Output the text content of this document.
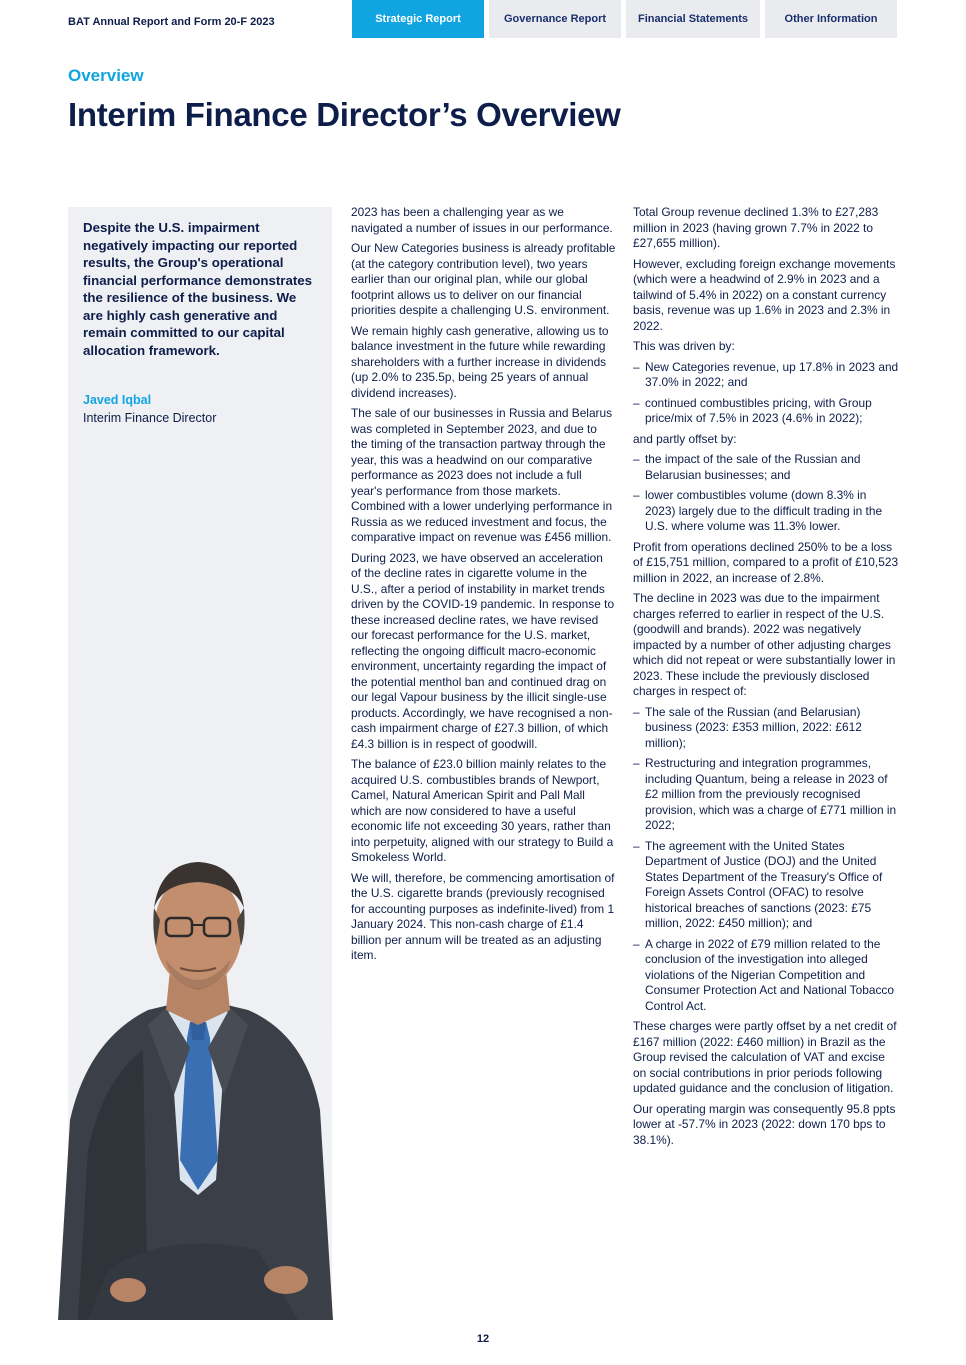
BAT Annual Report and Form 20-F 2023	Strategic Report	Governance Report	Financial Statements	Other Information
Overview
Interim Finance Director’s Overview
Despite the U.S. impairment negatively impacting our reported results, the Group's operational financial performance demonstrates the resilience of the business. We are highly cash generative and remain committed to our capital allocation framework.
Javed Iqbal
Interim Finance Director

2023 has been a challenging year as we navigated a number of issues in our performance.

Our New Categories business is already profitable (at the category contribution level), two years earlier than our original plan, while our global footprint allows us to deliver on our financial priorities despite a challenging U.S. environment.

We remain highly cash generative, allowing us to balance investment in the future while rewarding shareholders with a further increase in dividends (up 2.0% to 235.5p, being 25 years of annual dividend increases).

The sale of our businesses in Russia and Belarus was completed in September 2023, and due to the timing of the transaction partway through the year, this was a headwind on our comparative performance as 2023 does not include a full year's performance from those markets. Combined with a lower underlying performance in Russia as we reduced investment and focus, the comparative impact on revenue was £456 million.

During 2023, we have observed an acceleration of the decline rates in cigarette volume in the U.S., after a period of instability in market trends driven by the COVID-19 pandemic. In response to these increased decline rates, we have revised our forecast performance for the U.S. market, reflecting the ongoing difficult macro-economic environment, uncertainty regarding the impact of the potential menthol ban and continued drag on our legal Vapour business by the illicit single-use products. Accordingly, we have recognised a non-cash impairment charge of £27.3 billion, of which £4.3 billion is in respect of goodwill.

The balance of £23.0 billion mainly relates to the acquired U.S. combustibles brands of Newport, Camel, Natural American Spirit and Pall Mall which are now considered to have a useful economic life not exceeding 30 years, rather than into perpetuity, aligned with our strategy to Build a Smokeless World.

We will, therefore, be commencing amortisation of the U.S. cigarette brands (previously recognised for accounting purposes as indefinite-lived) from 1 January 2024. This non-cash charge of £1.4 billion per annum will be treated as an adjusting item.

Total Group revenue declined 1.3% to £27,283 million in 2023 (having grown 7.7% in 2022 to £27,655 million).

However, excluding foreign exchange movements (which were a headwind of 2.9% in 2023 and a tailwind of 5.4% in 2022) on a constant currency basis, revenue was up 1.6% in 2023 and 2.3% in 2022.

This was driven by:

– New Categories revenue, up 17.8% in 2023 and 37.0% in 2022; and
– continued combustibles pricing, with Group price/mix of 7.5% in 2023 (4.6% in 2022);

and partly offset by:

– the impact of the sale of the Russian and Belarusian businesses; and
– lower combustibles volume (down 8.3% in 2023) largely due to the difficult trading in the U.S. where volume was 11.3% lower.

Profit from operations declined 250% to be a loss of £15,751 million, compared to a profit of £10,523 million in 2022, an increase of 2.8%.

The decline in 2023 was due to the impairment charges referred to earlier in respect of the U.S. (goodwill and brands). 2022 was negatively impacted by a number of other adjusting charges which did not repeat or were substantially lower in 2023. These include the previously disclosed charges in respect of:

– The sale of the Russian (and Belarusian) business (2023: £353 million, 2022: £612 million);
– Restructuring and integration programmes, including Quantum, being a release in 2023 of £2 million from the previously recognised provision, which was a charge of £771 million in 2022;
– The agreement with the United States Department of Justice (DOJ) and the United States Department of the Treasury's Office of Foreign Assets Control (OFAC) to resolve historical breaches of sanctions (2023: £75 million, 2022: £450 million); and
– A charge in 2022 of £79 million related to the conclusion of the investigation into alleged violations of the Nigerian Competition and Consumer Protection Act and National Tobacco Control Act.

These charges were partly offset by a net credit of £167 million (2022: £460 million) in Brazil as the Group revised the calculation of VAT and excise on social contributions in prior periods following updated guidance and the conclusion of litigation.

Our operating margin was consequently 95.8 ppts lower at -57.7% in 2023 (2022: down 170 bps to 38.1%).

12
